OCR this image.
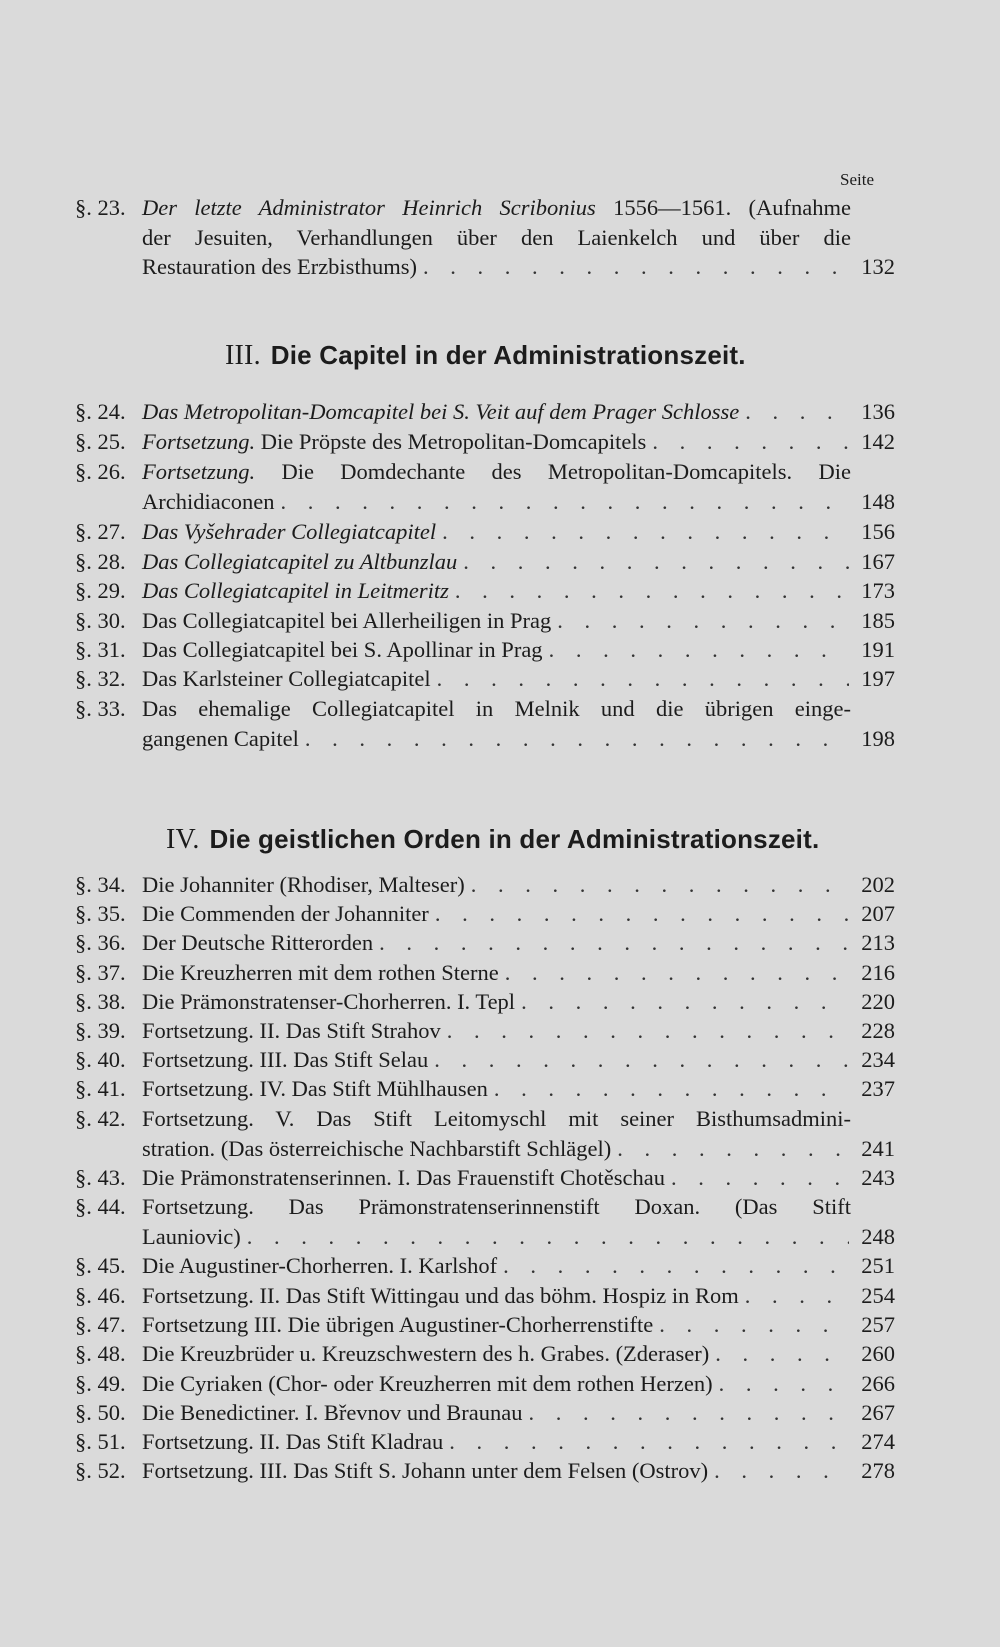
Seite
III. Die Capitel in der Administrationszeit.
IV. Die geistlichen Orden in der Administrationszeit.
§. 23. Der letzte Administrator Heinrich Scribonius 1556—1561. (Aufnahme
der Jesuiten, Verhandlungen über den Laienkelch und über die
Restauration des Erzbisthums) . . .	132
§. 24. Das Metropolitan-Domcapitel bei S. Veit auf dem Prager Schlosse . . .	136
§. 25. Fortsetzung. Die Pröpste des Metropolitan-Domcapitels . . .	142
§. 26. Fortsetzung. Die Domdechante des Metropolitan-Domcapitels. Die
Archidiaconen . . .	148
§. 27. Das Vyšehrader Collegiatcapitel . . .	156
§. 28. Das Collegiatcapitel zu Altbunzlau . . .	167
§. 29. Das Collegiatcapitel in Leitmeritz . . .	173
§. 30. Das Collegiatcapitel bei Allerheiligen in Prag . . .	185
§. 31. Das Collegiatcapitel bei S. Apollinar in Prag . . .	191
§. 32. Das Karlsteiner Collegiatcapitel . . .	197
§. 33. Das ehemalige Collegiatcapitel in Melnik und die übrigen einge-
gangenen Capitel . . .	198
§. 34. Die Johanniter (Rhodiser, Malteser) . . .	202
§. 35. Die Commenden der Johanniter . . .	207
§. 36. Der Deutsche Ritterorden . . .	213
§. 37. Die Kreuzherren mit dem rothen Sterne . . .	216
§. 38. Die Prämonstratenser-Chorherren. I. Tepl . . .	220
§. 39. Fortsetzung. II. Das Stift Strahov . . .	228
§. 40. Fortsetzung. III. Das Stift Selau . . .	234
§. 41. Fortsetzung. IV. Das Stift Mühlhausen . . .	237
§. 42. Fortsetzung. V. Das Stift Leitomyschl mit seiner Bisthumsadmini-
stration. (Das österreichische Nachbarstift Schlägel) . . .	241
§. 43. Die Prämonstratenserinnen. I. Das Frauenstift Chotěschau . . .	243
§. 44. Fortsetzung. Das Prämonstratenserinnenstift Doxan. (Das Stift
Launiovic) . . .	248
§. 45. Die Augustiner-Chorherren. I. Karlshof . . .	251
§. 46. Fortsetzung. II. Das Stift Wittingau und das böhm. Hospiz in Rom . . .	254
§. 47. Fortsetzung III. Die übrigen Augustiner-Chorherrenstifte . . .	257
§. 48. Die Kreuzbrüder u. Kreuzschwestern des h. Grabes. (Zderaser) . . .	260
§. 49. Die Cyriaken (Chor- oder Kreuzherren mit dem rothen Herzen) . . .	266
§. 50. Die Benedictiner. I. Břevnov und Braunau . . .	267
§. 51. Fortsetzung. II. Das Stift Kladrau . . .	274
§. 52. Fortsetzung. III. Das Stift S. Johann unter dem Felsen (Ostrov) . . .	278
